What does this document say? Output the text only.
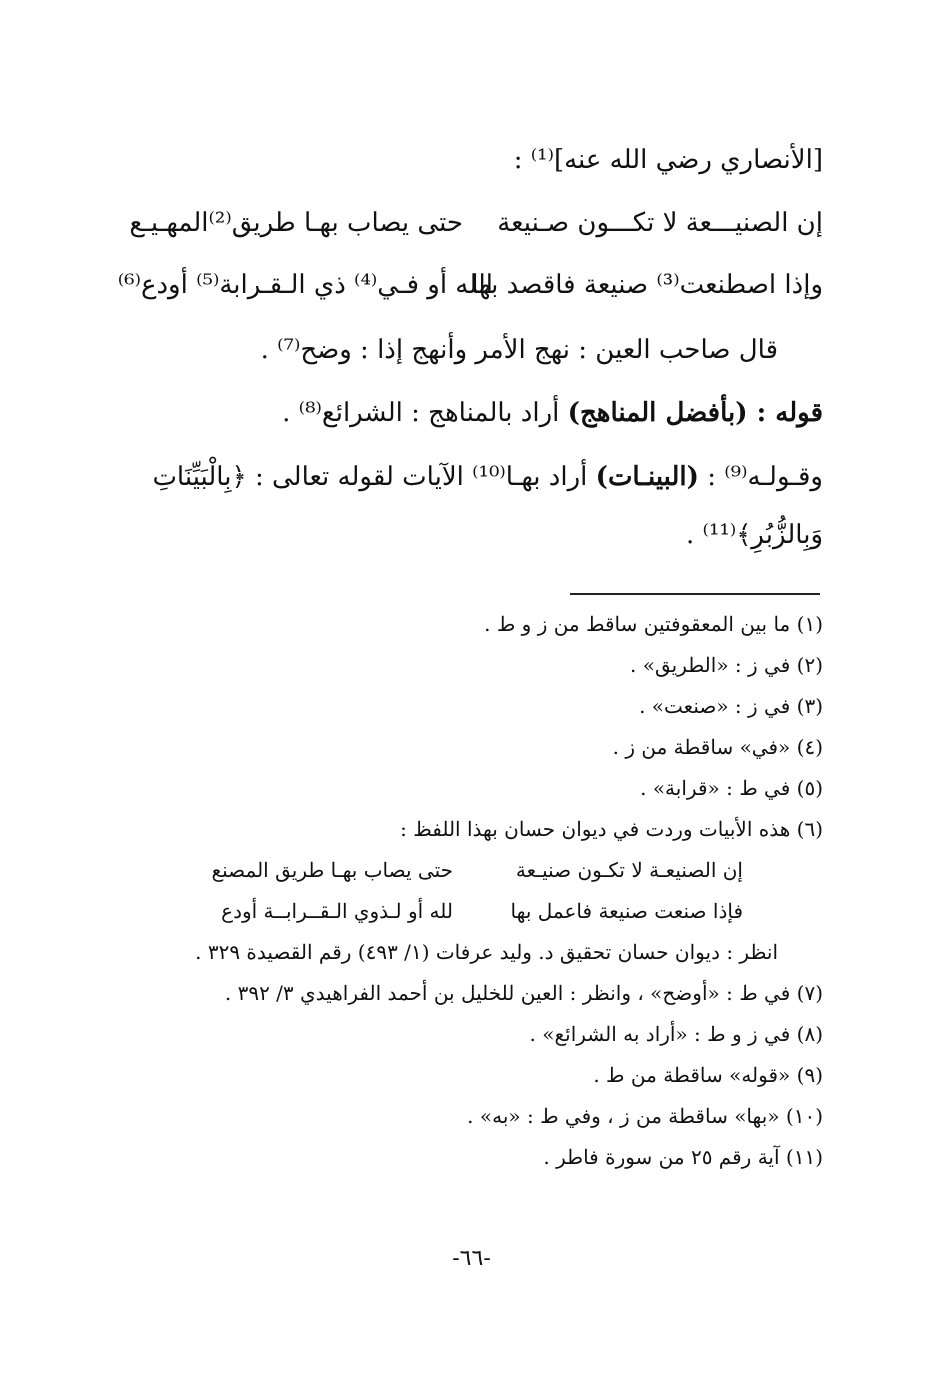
[الأنصاري رضي الله عنه]⁽¹⁾ :
إن الصنيـــعة لا تكـــون صـنيعة
حتى يصاب بهـا طريق⁽²⁾المهـيـع
وإذا اصطنعت⁽³⁾ صنيعة فاقصد بها
الله أو فـي⁽⁴⁾ ذي الـقـرابة⁽⁵⁾ أودع⁽⁶⁾
قال صاحب العين : نهج الأمر وأنهج إذا : وضح⁽⁷⁾ .
قوله : (بأفضل المناهج) أراد بالمناهج : الشرائع⁽⁸⁾ .
وقـولـه⁽⁹⁾ : (البينـات) أراد بهـا⁽¹⁰⁾ الآيات لقوله تعالى : ﴿بِالْبَيِّنَاتِ
وَبِالزُّبُرِ﴾⁽¹¹⁾ .
(١) ما بين المعقوفتين ساقط من ز و ط .
(٢) في ز : «الطريق» .
(٣) في ز : «صنعت» .
(٤) «في» ساقطة من ز .
(٥) في ط : «قرابة» .
(٦) هذه الأبيات وردت في ديوان حسان بهذا اللفظ :
إن الصنيعـة لا تكـون صنيـعة
حتى يصاب بهـا طريق المصنع
فإذا صنعت صنيعة فاعمل بها
لله أو لـذوي الـقــرابــة أودع
انظر : ديوان حسان تحقيق د. وليد عرفات (١/ ٤٩٣) رقم القصيدة ٣٢٩ .
(٧) في ط : «أوضح» ، وانظر : العين للخليل بن أحمد الفراهيدي ٣/ ٣٩٢ .
(٨) في ز و ط : «أراد به الشرائع» .
(٩) «قوله» ساقطة من ط .
(١٠) «بها» ساقطة من ز ، وفي ط : «به» .
(١١) آية رقم ٢٥ من سورة فاطر .
-٦٦-
